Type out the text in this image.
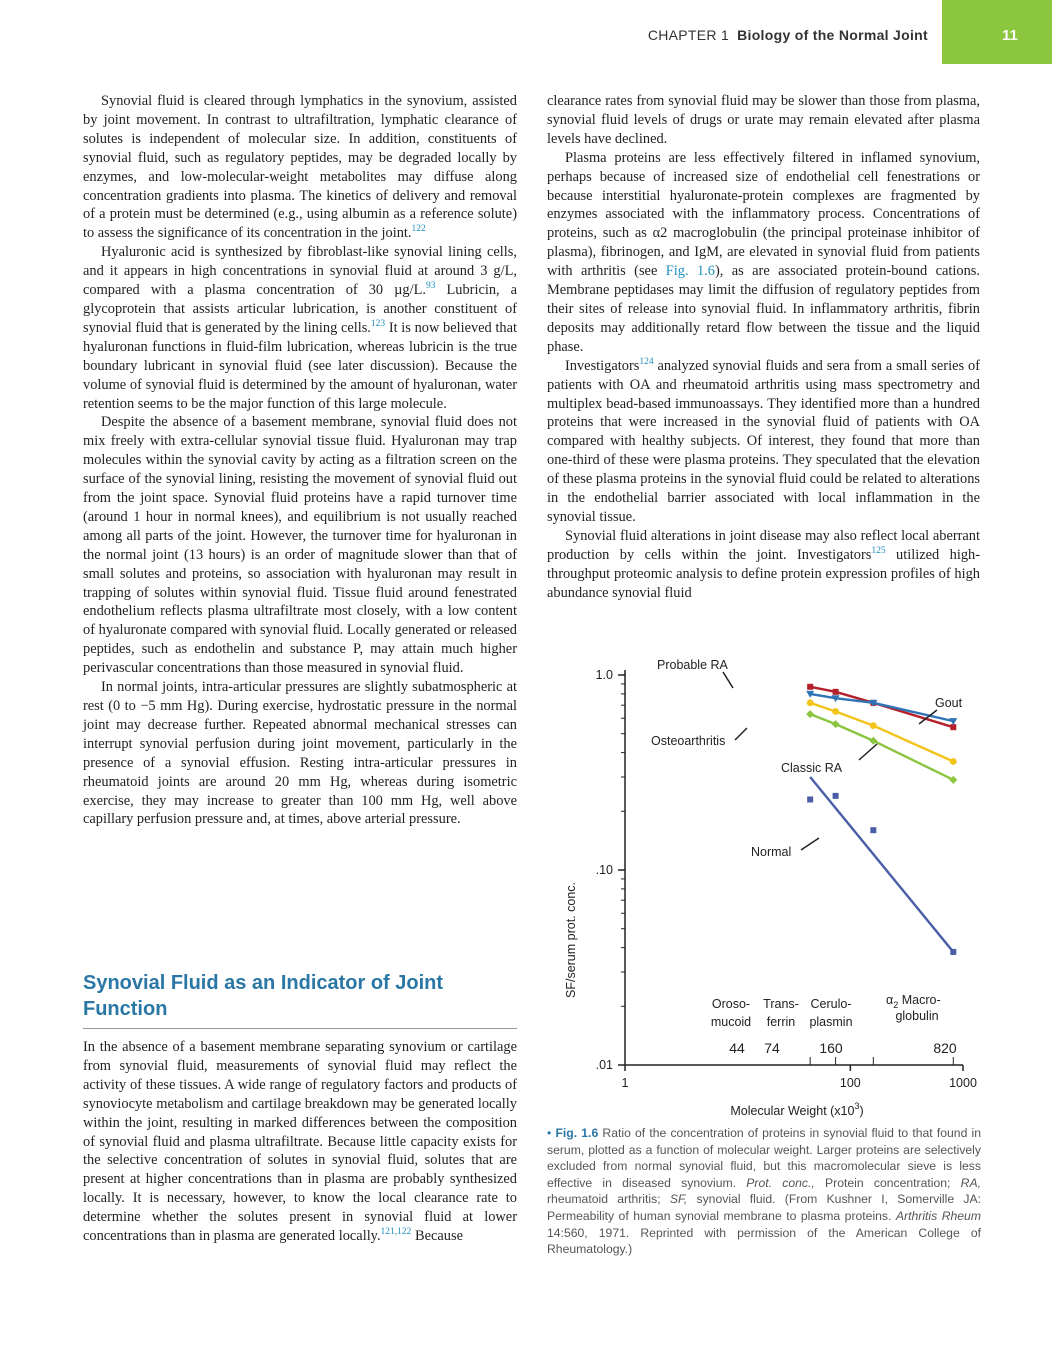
CHAPTER 1 Biology of the Normal Joint	11

Synovial fluid is cleared through lymphatics in the synovium, assisted by joint movement. In contrast to ultrafiltration, lymphatic clearance of solutes is independent of molecular size. In addition, constituents of synovial fluid, such as regulatory peptides, may be degraded locally by enzymes, and low-molecular-weight metabolites may diffuse along concentration gradients into plasma. The kinetics of delivery and removal of a protein must be determined (e.g., using albumin as a reference solute) to assess the significance of its concentration in the joint.$^{122}$

Hyaluronic acid is synthesized by fibroblast-like synovial lining cells, and it appears in high concentrations in synovial fluid at around 3 g/L, compared with a plasma concentration of 30 µg/L.$^{93}$ Lubricin, a glycoprotein that assists articular lubrication, is another constituent of synovial fluid that is generated by the lining cells.$^{123}$ It is now believed that hyaluronan functions in fluid-film lubrication, whereas lubricin is the true boundary lubricant in synovial fluid (see later discussion). Because the volume of synovial fluid is determined by the amount of hyaluronan, water retention seems to be the major function of this large molecule.

Despite the absence of a basement membrane, synovial fluid does not mix freely with extra-cellular synovial tissue fluid. Hyaluronan may trap molecules within the synovial cavity by acting as a filtration screen on the surface of the synovial lining, resisting the movement of synovial fluid out from the joint space. Synovial fluid proteins have a rapid turnover time (around 1 hour in normal knees), and equilibrium is not usually reached among all parts of the joint. However, the turnover time for hyaluronan in the normal joint (13 hours) is an order of magnitude slower than that of small solutes and proteins, so association with hyaluronan may result in trapping of solutes within synovial fluid. Tissue fluid around fenestrated endothelium reflects plasma ultrafiltrate most closely, with a low content of hyaluronate compared with synovial fluid. Locally generated or released peptides, such as endothelin and substance P, may attain much higher perivascular concentrations than those measured in synovial fluid.

In normal joints, intra-articular pressures are slightly subatmospheric at rest (0 to −5 mm Hg). During exercise, hydrostatic pressure in the normal joint may decrease further. Repeated abnormal mechanical stresses can interrupt synovial perfusion during joint movement, particularly in the presence of a synovial effusion. Resting intra-articular pressures in rheumatoid joints are around 20 mm Hg, whereas during isometric exercise, they may increase to greater than 100 mm Hg, well above capillary perfusion pressure and, at times, above arterial pressure.

Synovial Fluid as an Indicator of Joint Function

In the absence of a basement membrane separating synovium or cartilage from synovial fluid, measurements of synovial fluid may reflect the activity of these tissues. A wide range of regulatory factors and products of synoviocyte metabolism and cartilage breakdown may be generated locally within the joint, resulting in marked differences between the composition of synovial fluid and plasma ultrafiltrate. Because little capacity exists for the selective concentration of solutes in synovial fluid, solutes that are present at higher concentrations than in plasma are probably synthesized locally. It is necessary, however, to know the local clearance rate to determine whether the solutes present in synovial fluid at lower concentrations than in plasma are generated locally.$^{121,122}$ Because

clearance rates from synovial fluid may be slower than those from plasma, synovial fluid levels of drugs or urate may remain elevated after plasma levels have declined.

Plasma proteins are less effectively filtered in inflamed synovium, perhaps because of increased size of endothelial cell fenestrations or because interstitial hyaluronate-protein complexes are fragmented by enzymes associated with the inflammatory process. Concentrations of proteins, such as α2 macroglobulin (the principal proteinase inhibitor of plasma), fibrinogen, and IgM, are elevated in synovial fluid from patients with arthritis (see Fig. 1.6), as are associated protein-bound cations. Membrane peptidases may limit the diffusion of regulatory peptides from their sites of release into synovial fluid. In inflammatory arthritis, fibrin deposits may additionally retard flow between the tissue and the liquid phase.

Investigators$^{124}$ analyzed synovial fluids and sera from a small series of patients with OA and rheumatoid arthritis using mass spectrometry and multiplex bead-based immunoassays. They identified more than a hundred proteins that were increased in the synovial fluid of patients with OA compared with healthy subjects. Of interest, they found that more than one-third of these were plasma proteins. They speculated that the elevation of these plasma proteins in the synovial fluid could be related to alterations in the endothelial barrier associated with local inflammation in the synovial tissue.

Synovial fluid alterations in joint disease may also reflect local aberrant production by cells within the joint. Investigators$^{125}$ utilized high-throughput proteomic analysis to define protein expression profiles of high abundance synovial fluid

1.0
.10
.01
1	100	1000
Probable RA
Gout
Osteoarthritis
Classic RA
Normal
Oroso-
mucoid
44
Trans-
ferrin
74
Cerulo-
plasmin
160
$\alpha_2$ Macro-
globulin
820
SF/serum prot. conc.
Molecular Weight $(x10^3)$
• Fig. 1.6 Ratio of the concentration of proteins in synovial fluid to that found in serum, plotted as a function of molecular weight. Larger proteins are selectively excluded from normal synovial fluid, but this macromolecular sieve is less effective in diseased synovium. Prot. conc., Protein concentration; RA, rheumatoid arthritis; SF, synovial fluid. (From Kushner I, Somerville JA: Permeability of human synovial membrane to plasma proteins. Arthritis Rheum 14:560, 1971. Reprinted with permission of the American College of Rheumatology.)
